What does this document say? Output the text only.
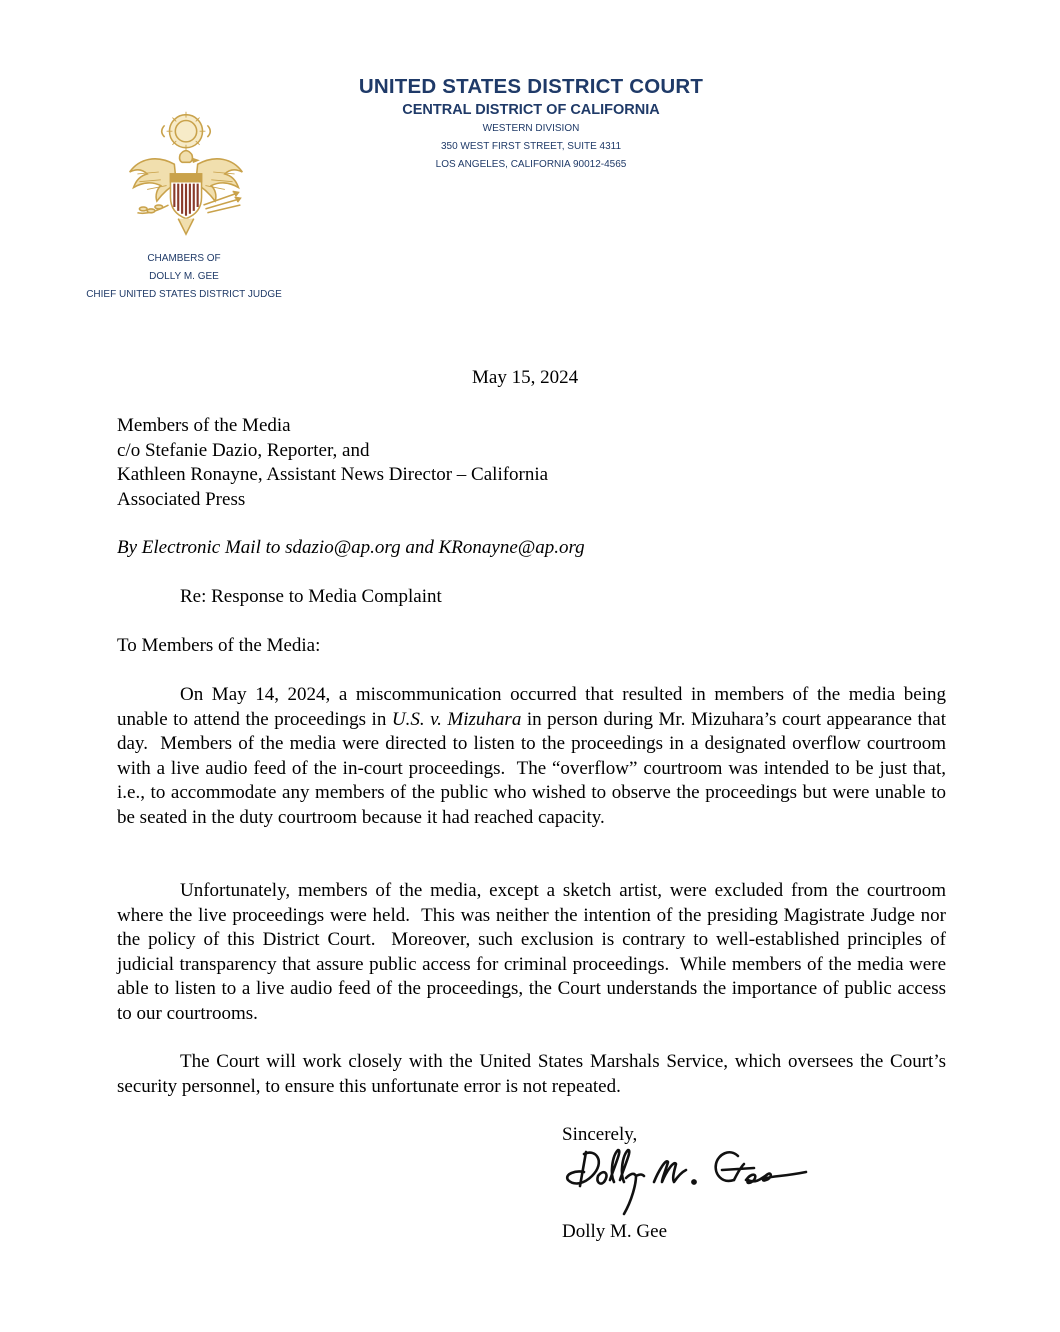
UNITED STATES DISTRICT COURT
CENTRAL DISTRICT OF CALIFORNIA
WESTERN DIVISION
350 WEST FIRST STREET, SUITE 4311
LOS ANGELES, CALIFORNIA 90012-4565
CHAMBERS OF
DOLLY M. GEE
CHIEF UNITED STATES DISTRICT JUDGE
May 15, 2024
Members of the Media
c/o Stefanie Dazio, Reporter, and
Kathleen Ronayne, Assistant News Director – California
Associated Press
By Electronic Mail to sdazio@ap.org and KRonayne@ap.org
Re: Response to Media Complaint
To Members of the Media:

On May 14, 2024, a miscommunication occurred that resulted in members of the media being unable to attend the proceedings in U.S. v. Mizuhara in person during Mr. Mizuhara’s court appearance that day.  Members of the media were directed to listen to the proceedings in a designated overflow courtroom with a live audio feed of the in-court proceedings.  The “overflow” courtroom was intended to be just that, i.e., to accommodate any members of the public who wished to observe the proceedings but were unable to be seated in the duty courtroom because it had reached capacity.

Unfortunately, members of the media, except a sketch artist, were excluded from the courtroom where the live proceedings were held.  This was neither the intention of the presiding Magistrate Judge nor the policy of this District Court.  Moreover, such exclusion is contrary to well-established principles of judicial transparency that assure public access for criminal proceedings.  While members of the media were able to listen to a live audio feed of the proceedings, the Court understands the importance of public access to our courtrooms.

The Court will work closely with the United States Marshals Service, which oversees the Court’s security personnel, to ensure this unfortunate error is not repeated.

Sincerely,
Dolly M. Gee
